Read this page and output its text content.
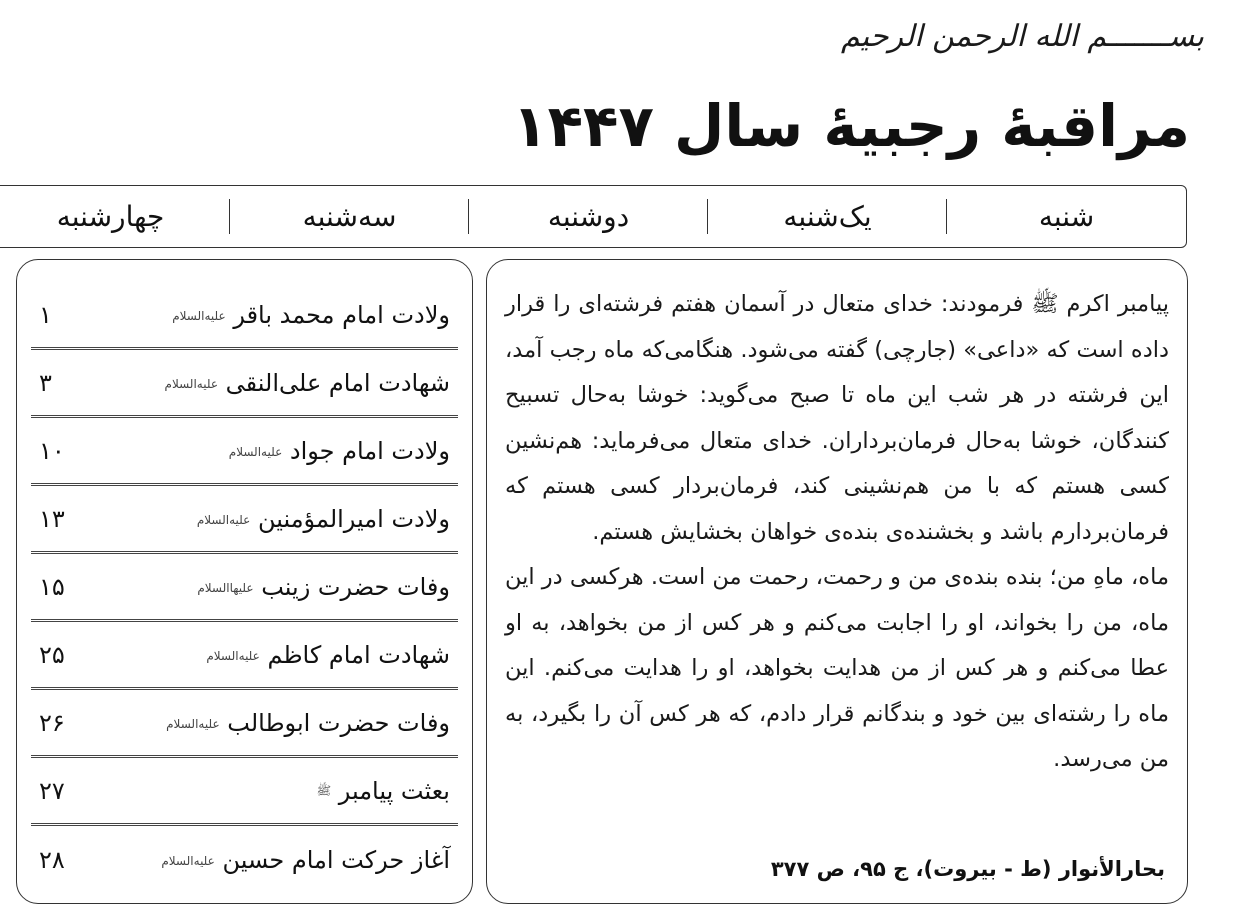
بســـــــم الله الرحمن الرحيم
مراقبهٔ رجبیهٔ سال ۱۴۴۷
شنبه
یک‌شنبه
دوشنبه
سه‌شنبه
چهارشنبه

پیامبر اکرم ﷺ فرمودند: خدای متعال در آسمان هفتم فرشته‌ای را قرار داده است که «داعی» (جارچی) گفته می‌شود. هنگامی‌که ماه رجب آمد، این فرشته در هر شب این ماه تا صبح می‌گوید: خوشا به‌حال تسبیح کنندگان، خوشا به‌حال فرمان‌برداران. خدای متعال می‌فرماید: هم‌نشین کسی هستم که با من هم‌نشینی کند، فرمان‌بردار کسی هستم که فرمان‌بردارم باشد و بخشنده‌ی بنده‌ی خواهان بخشایش هستم.

ماه، ماهِ من؛ بنده بنده‌ی من و رحمت، رحمت من است. هرکسی در این ماه، من را بخواند، او را اجابت می‌کنم و هر کس از من بخواهد، به او عطا می‌کنم و هر کس از من هدایت بخواهد، او را هدایت می‌کنم. این ماه را رشته‌ای بین خود و بندگانم قرار دادم، که هر کس آن را بگیرد، به من می‌رسد.

بحارالأنوار (ط - بیروت)، ج ۹۵، ص ۳۷۷
ولادت امام محمد باقر علیه‌السلام
۱
شهادت امام علی‌النقی علیه‌السلام
۳
ولادت امام جواد علیه‌السلام
۱۰
ولادت امیرالمؤمنین علیه‌السلام
۱۳
وفات حضرت زینب علیهاالسلام
۱۵
شهادت امام کاظم علیه‌السلام
۲۵
وفات حضرت ابوطالب علیه‌السلام
۲۶
بعثت پیامبر ﷺ
۲۷
آغاز حرکت امام حسین علیه‌السلام
۲۸
